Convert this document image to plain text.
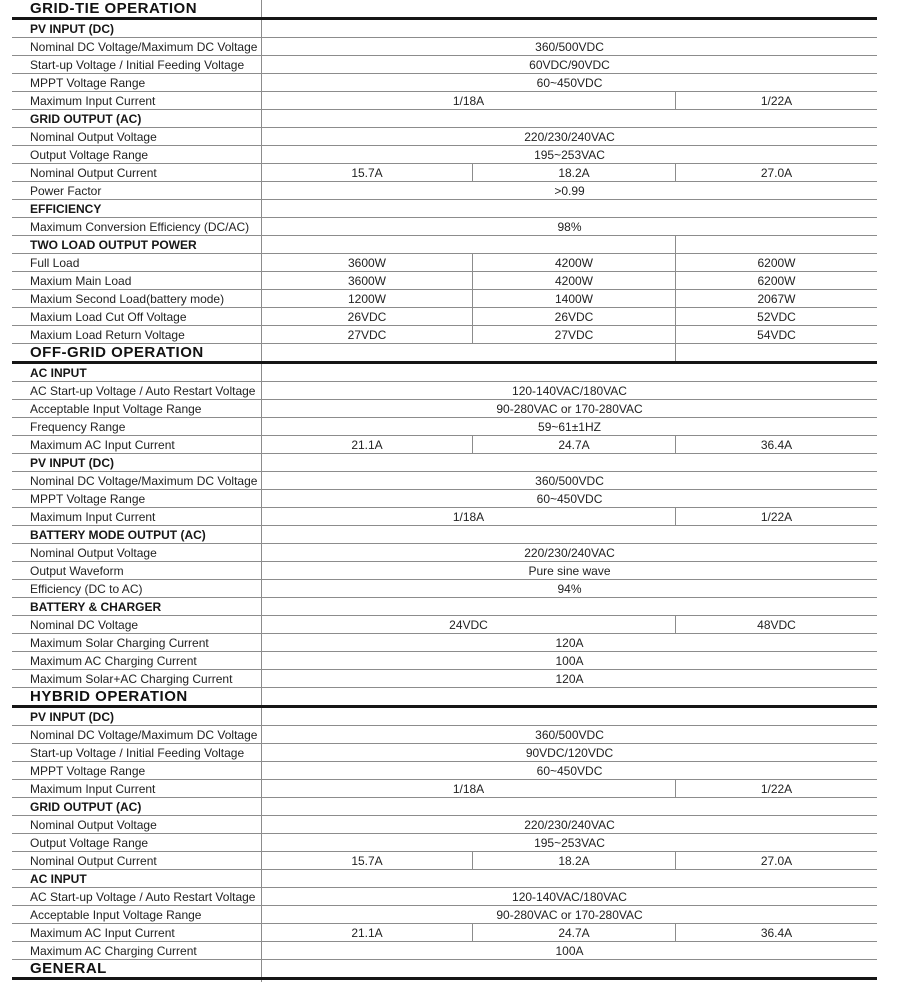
GRID-TIE OPERATION
PV INPUT (DC)
Nominal DC Voltage/Maximum DC Voltage	360/500VDC
Start-up Voltage / Initial Feeding Voltage	60VDC/90VDC
MPPT Voltage Range	60~450VDC
Maximum Input Current	1/18A	1/22A
GRID OUTPUT (AC)
Nominal Output Voltage	220/230/240VAC
Output Voltage Range	195~253VAC
Nominal Output Current	15.7A	18.2A	27.0A
Power Factor	>0.99
EFFICIENCY
Maximum Conversion Efficiency (DC/AC)	98%
TWO LOAD OUTPUT POWER
Full Load	3600W	4200W	6200W
Maxium Main Load	3600W	4200W	6200W
Maxium Second Load(battery mode)	1200W	1400W	2067W
Maxium Load Cut Off Voltage	26VDC	26VDC	52VDC
Maxium Load Return Voltage	27VDC	27VDC	54VDC
OFF-GRID OPERATION
AC INPUT
AC Start-up Voltage / Auto Restart Voltage	120-140VAC/180VAC
Acceptable Input Voltage Range	90-280VAC or 170-280VAC
Frequency Range	59~61±1HZ
Maximum AC Input Current	21.1A	24.7A	36.4A
PV INPUT (DC)
Nominal DC Voltage/Maximum DC Voltage	360/500VDC
MPPT Voltage Range	60~450VDC
Maximum Input Current	1/18A	1/22A
BATTERY MODE OUTPUT (AC)
Nominal Output Voltage	220/230/240VAC
Output Waveform	Pure sine wave
Efficiency (DC to AC)	94%
BATTERY & CHARGER
Nominal DC Voltage	24VDC	48VDC
Maximum Solar Charging Current	120A
Maximum AC Charging Current	100A
Maximum Solar+AC Charging Current	120A
HYBRID OPERATION
PV INPUT (DC)
Nominal DC Voltage/Maximum DC Voltage	360/500VDC
Start-up Voltage / Initial Feeding Voltage	90VDC/120VDC
MPPT Voltage Range	60~450VDC
Maximum Input Current	1/18A	1/22A
GRID OUTPUT (AC)
Nominal Output Voltage	220/230/240VAC
Output Voltage Range	195~253VAC
Nominal Output Current	15.7A	18.2A	27.0A
AC INPUT
AC Start-up Voltage / Auto Restart Voltage	120-140VAC/180VAC
Acceptable Input Voltage Range	90-280VAC or 170-280VAC
Maximum AC Input Current	21.1A	24.7A	36.4A
Maximum AC Charging Current	100A
GENERAL
